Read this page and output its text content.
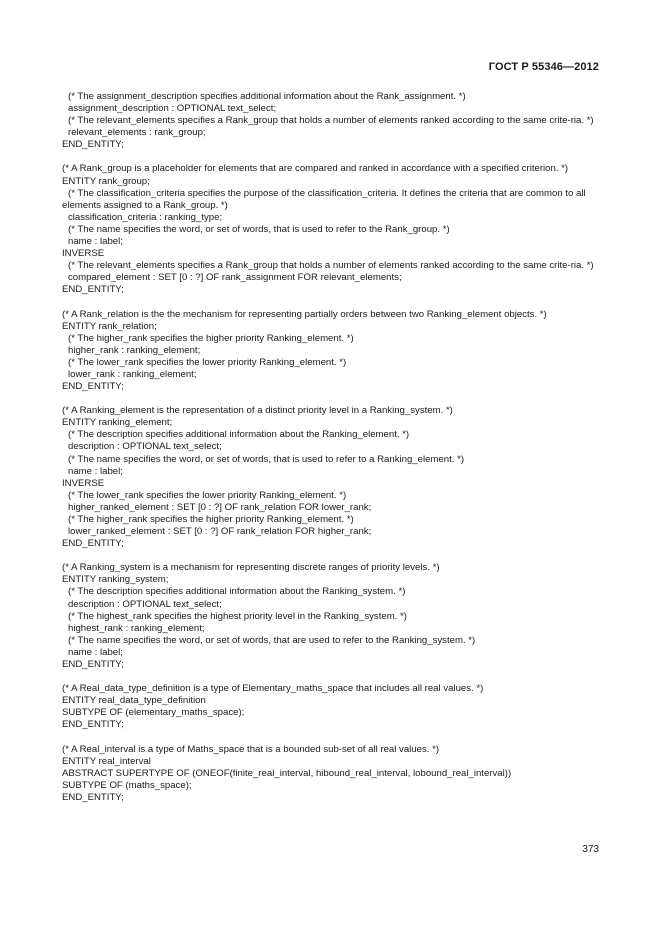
ГОСТ Р 55346—2012
(* The assignment_description specifies additional information about the Rank_assignment. *)
assignment_description : OPTIONAL text_select;
(* The relevant_elements specifies a Rank_group that holds a number of elements ranked according to the same crite-ria. *)
relevant_elements : rank_group;
END_ENTITY;
(* A Rank_group is a placeholder for elements that are compared and ranked in accordance with a specified criterion. *)
ENTITY rank_group;
(* The classification_criteria specifies the purpose of the classification_criteria. It defines the criteria that are common to all elements assigned to a Rank_group. *)
classification_criteria : ranking_type;
(* The name specifies the word, or set of words, that is used to refer to the Rank_group. *)
name : label;
INVERSE
(* The relevant_elements specifies a Rank_group that holds a number of elements ranked according to the same crite-ria. *)
compared_element : SET [0 : ?] OF rank_assignment FOR relevant_elements;
END_ENTITY;
(* A Rank_relation is the the mechanism for representing partially orders between two Ranking_element objects. *)
ENTITY rank_relation;
(* The higher_rank specifies the higher priority Ranking_element. *)
higher_rank : ranking_element;
(* The lower_rank specifies the lower priority Ranking_element. *)
lower_rank : ranking_element;
END_ENTITY;
(* A Ranking_element is the representation of a distinct priority level in a Ranking_system. *)
ENTITY ranking_element;
(* The description specifies additional information about the Ranking_element. *)
description : OPTIONAL text_select;
(* The name specifies the word, or set of words, that is used to refer to a Ranking_element. *)
name : label;
INVERSE
(* The lower_rank specifies the lower priority Ranking_element. *)
higher_ranked_element : SET [0 : ?] OF rank_relation FOR lower_rank;
(* The higher_rank specifies the higher priority Ranking_element. *)
lower_ranked_element : SET [0 : ?] OF rank_relation FOR higher_rank;
END_ENTITY;
(* A Ranking_system is a mechanism for representing discrete ranges of priority levels. *)
ENTITY ranking_system;
(* The description specifies additional information about the Ranking_system. *)
description : OPTIONAL text_select;
(* The highest_rank specifies the highest priority level in the Ranking_system. *)
highest_rank : ranking_element;
(* The name specifies the word, or set of words, that are used to refer to the Ranking_system. *)
name : label;
END_ENTITY;
(* A Real_data_type_definition is a type of Elementary_maths_space that includes all real values. *)
ENTITY real_data_type_definition
SUBTYPE OF (elementary_maths_space);
END_ENTITY;
(* A Real_interval is a type of Maths_space that is a bounded sub-set of all real values. *)
ENTITY real_interval
ABSTRACT SUPERTYPE OF (ONEOF(finite_real_interval, hibound_real_interval, lobound_real_interval))
SUBTYPE OF (maths_space);
END_ENTITY;
373
